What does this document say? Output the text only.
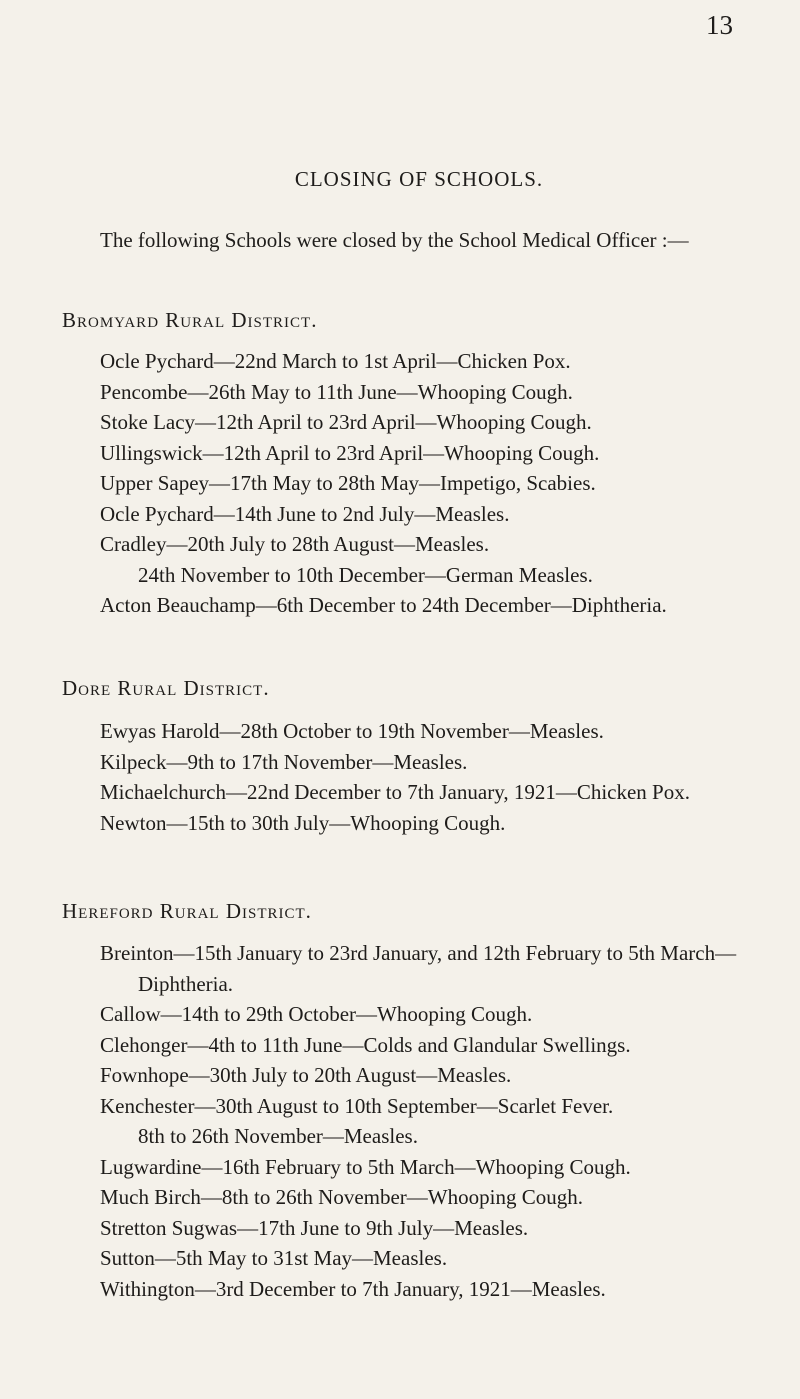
13
CLOSING OF SCHOOLS.
The following Schools were closed by the School Medical Officer :—
Bromyard Rural District.
Ocle Pychard—22nd March to 1st April—Chicken Pox.
Pencombe—26th May to 11th June—Whooping Cough.
Stoke Lacy—12th April to 23rd April—Whooping Cough.
Ullingswick—12th April to 23rd April—Whooping Cough.
Upper Sapey—17th May to 28th May—Impetigo, Scabies.
Ocle Pychard—14th June to 2nd July—Measles.
Cradley—20th July to 28th August—Measles.
24th November to 10th December—German Measles.
Acton Beauchamp—6th December to 24th December—Diphtheria.
Dore Rural District.
Ewyas Harold—28th October to 19th November—Measles.
Kilpeck—9th to 17th November—Measles.
Michaelchurch—22nd December to 7th January, 1921—Chicken Pox.
Newton—15th to 30th July—Whooping Cough.
Hereford Rural District.
Breinton—15th January to 23rd January, and 12th February to 5th March—Diphtheria.
Callow—14th to 29th October—Whooping Cough.
Clehonger—4th to 11th June—Colds and Glandular Swellings.
Fownhope—30th July to 20th August—Measles.
Kenchester—30th August to 10th September—Scarlet Fever.
8th to 26th November—Measles.
Lugwardine—16th February to 5th March—Whooping Cough.
Much Birch—8th to 26th November—Whooping Cough.
Stretton Sugwas—17th June to 9th July—Measles.
Sutton—5th May to 31st May—Measles.
Withington—3rd December to 7th January, 1921—Measles.
